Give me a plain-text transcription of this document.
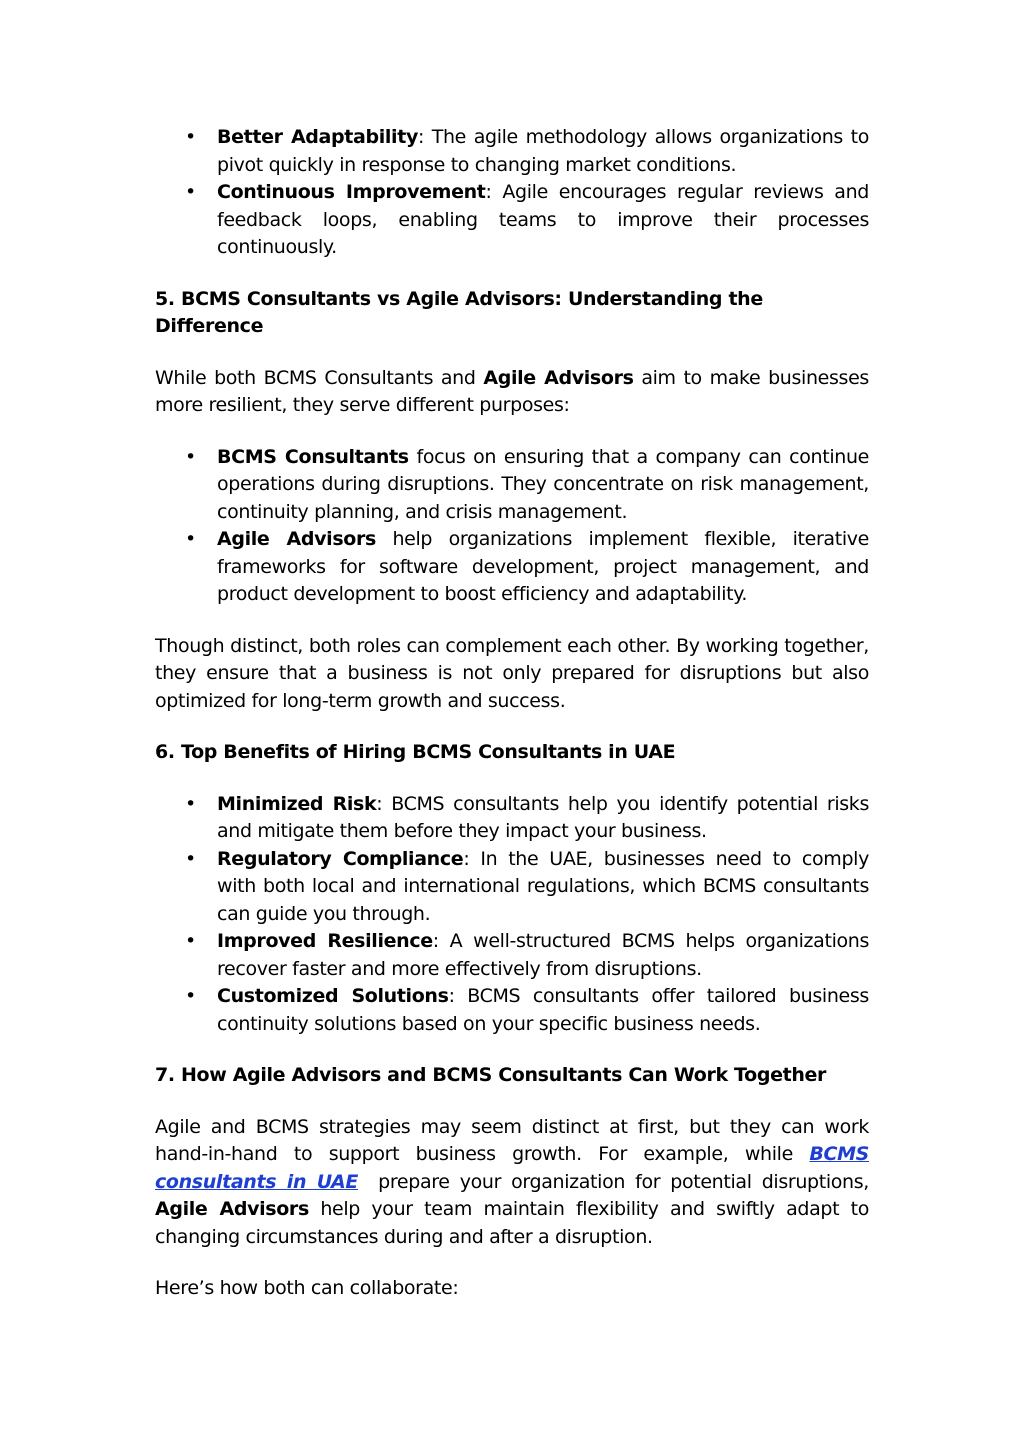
• Better Adaptability: The agile methodology allows organizations to pivot quickly in response to changing market conditions.
• Continuous Improvement: Agile encourages regular reviews and feedback loops, enabling teams to improve their processes continuously.
5. BCMS Consultants vs Agile Advisors: Understanding the Difference

While both BCMS Consultants and Agile Advisors aim to make businesses more resilient, they serve different purposes:

• BCMS Consultants focus on ensuring that a company can continue operations during disruptions. They concentrate on risk management, continuity planning, and crisis management.
• Agile Advisors help organizations implement flexible, iterative frameworks for software development, project management, and product development to boost efficiency and adaptability.

Though distinct, both roles can complement each other. By working together, they ensure that a business is not only prepared for disruptions but also optimized for long-term growth and success.

6. Top Benefits of Hiring BCMS Consultants in UAE
• Minimized Risk: BCMS consultants help you identify potential risks and mitigate them before they impact your business.
• Regulatory Compliance: In the UAE, businesses need to comply with both local and international regulations, which BCMS consultants can guide you through.
• Improved Resilience: A well-structured BCMS helps organizations recover faster and more effectively from disruptions.
• Customized Solutions: BCMS consultants offer tailored business continuity solutions based on your specific business needs.
7. How Agile Advisors and BCMS Consultants Can Work Together

Agile and BCMS strategies may seem distinct at first, but they can work hand-in-hand to support business growth. For example, while BCMS consultants in UAE  prepare your organization for potential disruptions, Agile Advisors help your team maintain flexibility and swiftly adapt to changing circumstances during and after a disruption.

Here’s how both can collaborate:
